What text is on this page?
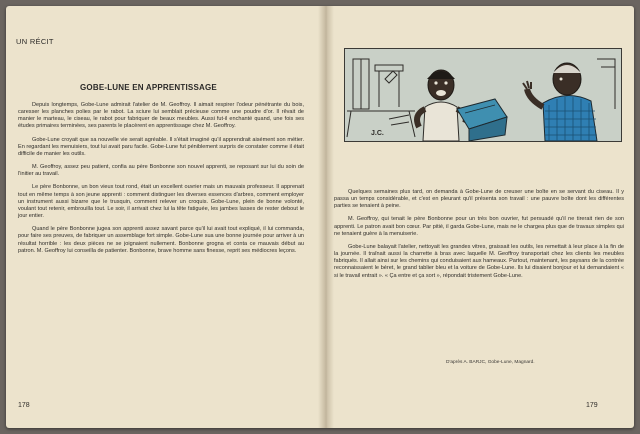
UN RÉCIT
GOBE-LUNE EN APPRENTISSAGE

Depuis longtemps, Gobe-Lune admirait l'atelier de M. Geoffroy. Il aimait respirer l'odeur pénétrante du bois, caresser les planches polies par le rabot. La sciure lui semblait précieuse comme une poudre d'or. Il rêvait de manier le marteau, le ciseau, le rabot pour fabriquer de beaux meubles. Aussi fut-il enchanté quand, une fois ses études primaires terminées, ses parents le placèrent en apprentissage chez M. Geoffroy.

Gobe-Lune croyait que sa nouvelle vie serait agréable. Il s'était imaginé qu'il apprendrait aisément son métier. En regardant les menuisiers, tout lui avait paru facile. Gobe-Lune fut péniblement surpris de constater comme il était difficile de manier les outils.

M. Geoffroy, assez peu patient, confia au père Bonbonne son nouvel apprenti, se reposant sur lui du soin de l'initier au travail.

Le père Bonbonne, un bon vieux tout rond, était un excellent ouvrier mais un mauvais professeur. Il apprenait tout en même temps à son jeune apprenti : comment distinguer les diverses essences d'arbres, comment employer un instrument aussi bizarre que le trusquin, comment relever un croquis. Gobe-Lune, plein de bonne volonté, voulant tout retenir, embrouilla tout. Le soir, il arrivait chez lui la tête fatiguée, les jambes lasses de rester debout le jour entier.

Quand le père Bonbonne jugea son apprenti assez savant parce qu'il lui avait tout expliqué, il lui commanda, pour faire ses preuves, de fabriquer un assemblage fort simple. Gobe-Lune sua une bonne journée pour arriver à un résultat horrible : les deux pièces ne se joignaient nullement. Bonbonne grogna et conta ce mauvais début au patron. M. Geoffroy lui conseilla de patienter. Bonbonne, brave homme sans finesse, reprit ses médiocres leçons.

178
J.C.

Quelques semaines plus tard, on demanda à Gobe-Lune de creuser une boîte en se servant du ciseau. Il y passa un temps considérable, et c'est en pleurant qu'il présenta son travail : une pauvre boîte dont les différentes parties se tenaient à peine.

M. Geoffroy, qui tenait le père Bonbonne pour un très bon ouvrier, fut persuadé qu'il ne tirerait rien de son apprenti. Le patron avait bon cœur. Par pitié, il garda Gobe-Lune, mais ne le chargea plus que de travaux simples qui ne tenaient guère à la menuiserie.

Gobe-Lune balayait l'atelier, nettoyait les grandes vitres, graissait les outils, les remettait à leur place à la fin de la journée. Il traînait aussi la charrette à bras avec laquelle M. Geoffroy transportait chez les clients les meubles fabriqués. Il allait ainsi sur les chemins qui conduisaient aux hameaux. Partout, maintenant, les paysans de la contrée reconnaissaient le béret, le grand tablier bleu et la voiture de Gobe-Lune. Ils lui disaient bonjour et lui demandaient « si le travail entrait ». « Ça entre et ça sort », répondait tristement Gobe-Lune.

D'après A. BARJC, Gobe-Lune, Magnard.
179
